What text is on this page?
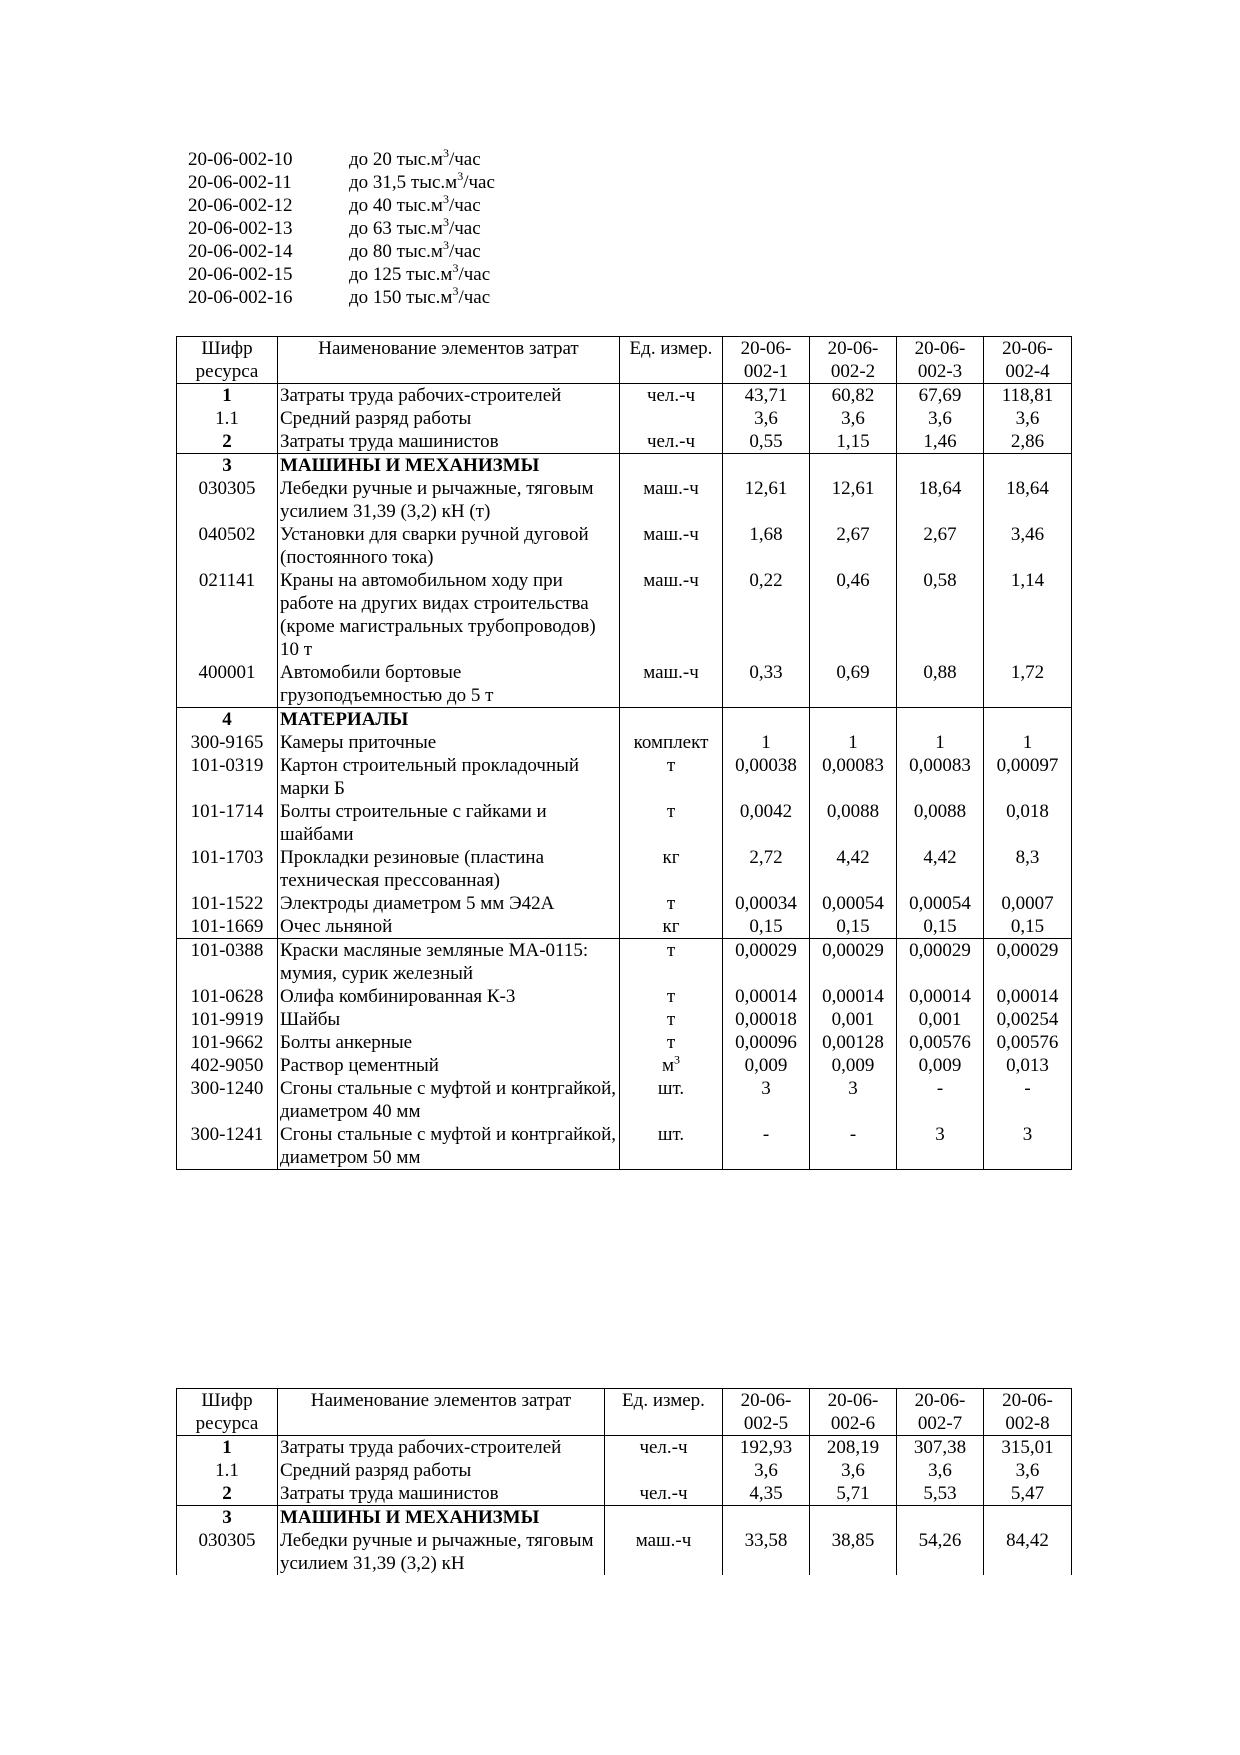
20-06-002-10	до 20 $тыс.м^3$/час
20-06-002-11	до 31,5 $тыс.м^3$/час
20-06-002-12	до 40 $тыс.м^3$/час
20-06-002-13	до 63 $тыс.м^3$/час
20-06-002-14	до 80 $тыс.м^3$/час
20-06-002-15	до 125 $тыс.м^3$/час
20-06-002-16	до 150 $тыс.м^3$/час
Шифр ресурса	Наименование элементов затрат	Ед. измер.	20-06-002-1	20-06-002-2	20-06-002-3	20-06-002-4
1	Затраты труда рабочих-строителей	чел.-ч	43,71	60,82	67,69	118,81
1.1	Средний разряд работы		3,6	3,6	3,6	3,6
2	Затраты труда машинистов	чел.-ч	0,55	1,15	1,46	2,86
3	МАШИНЫ И МЕХАНИЗМЫ					
030305	Лебедки ручные и рычажные, тяговым усилием 31,39 (3,2) кН (т)	маш.-ч	12,61	12,61	18,64	18,64
040502	Установки для сварки ручной дуговой (постоянного тока)	маш.-ч	1,68	2,67	2,67	3,46
021141	Краны на автомобильном ходу при работе на других видах строительства (кроме магистральных трубопроводов) 10 т	маш.-ч	0,22	0,46	0,58	1,14
400001	Автомобили бортовые грузоподъемностью до 5 т	маш.-ч	0,33	0,69	0,88	1,72
4	МАТЕРИАЛЫ					
300-9165	Камеры приточные	комплект	1	1	1	1
101-0319	Картон строительный прокладочный марки Б	т	0,00038	0,00083	0,00083	0,00097
101-1714	Болты строительные с гайками и шайбами	т	0,0042	0,0088	0,0088	0,018
101-1703	Прокладки резиновые (пластина техническая прессованная)	кг	2,72	4,42	4,42	8,3
101-1522	Электроды диаметром 5 мм Э42А	т	0,00034	0,00054	0,00054	0,0007
101-1669	Очес льняной	кг	0,15	0,15	0,15	0,15
101-0388	Краски масляные земляные МА-0115: мумия, сурик железный	т	0,00029	0,00029	0,00029	0,00029
101-0628	Олифа комбинированная К-3	т	0,00014	0,00014	0,00014	0,00014
101-9919	Шайбы	т	0,00018	0,001	0,001	0,00254
101-9662	Болты анкерные	т	0,00096	0,00128	0,00576	0,00576
402-9050	Раствор цементный	$м^3$	0,009	0,009	0,009	0,013
300-1240	Сгоны стальные с муфтой и контргайкой, диаметром 40 мм	шт.	3	3	-	-
300-1241	Сгоны стальные с муфтой и контргайкой, диаметром 50 мм	шт.	-	-	3	3
Шифр ресурса	Наименование элементов затрат	Ед. измер.	20-06-002-5	20-06-002-6	20-06-002-7	20-06-002-8
1	Затраты труда рабочих-строителей	чел.-ч	192,93	208,19	307,38	315,01
1.1	Средний разряд работы		3,6	3,6	3,6	3,6
2	Затраты труда машинистов	чел.-ч	4,35	5,71	5,53	5,47
3	МАШИНЫ И МЕХАНИЗМЫ					
030305	Лебедки ручные и рычажные, тяговым усилием 31,39 (3,2) кН	маш.-ч	33,58	38,85	54,26	84,42
